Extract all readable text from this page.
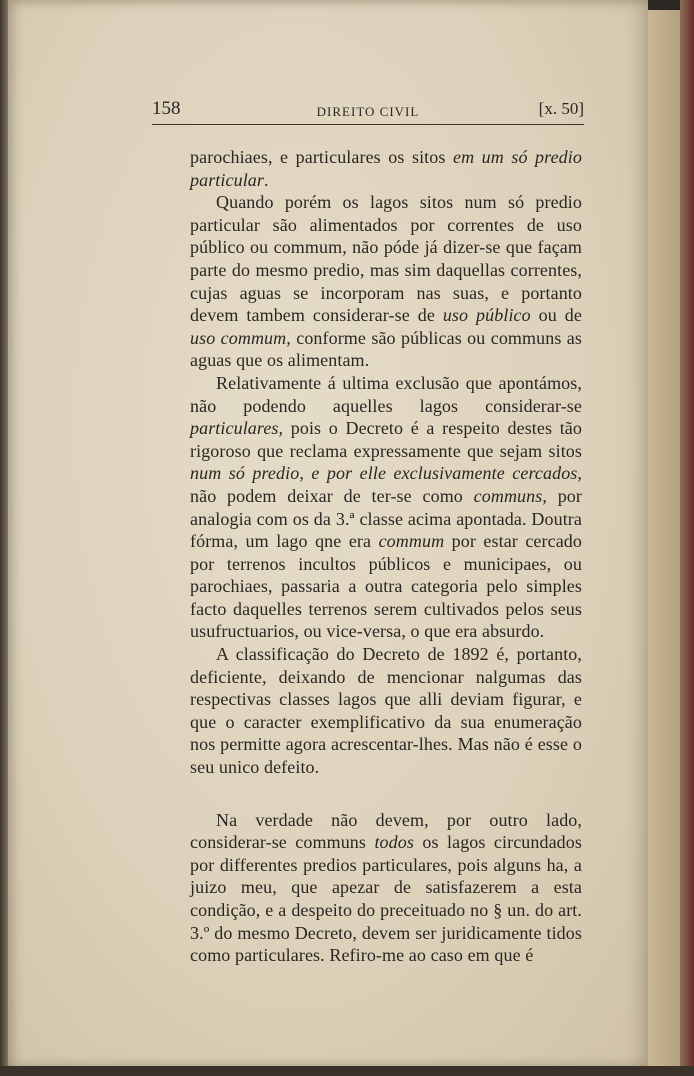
158	DIREITO CIVIL	[x. 50]

parochiaes, e particulares os sitos em um só predio particular.

Quando porém os lagos sitos num só predio particular são alimentados por correntes de uso público ou commum, não póde já dizer-se que façam parte do mesmo predio, mas sim daquellas correntes, cujas aguas se incorporam nas suas, e portanto devem tambem considerar-se de uso público ou de uso commum, conforme são públicas ou communs as aguas que os alimentam.

Relativamente á ultima exclusão que apontámos, não podendo aquelles lagos considerar-se particulares, pois o Decreto é a respeito destes tão rigoroso que reclama expressamente que sejam sitos num só predio, e por elle exclusivamente cercados, não podem deixar de ter-se como communs, por analogia com os da 3.ª classe acima apontada. Doutra fórma, um lago qne era commum por estar cercado por terrenos incultos públicos e municipaes, ou parochiaes, passaria a outra categoria pelo simples facto daquelles terrenos serem cultivados pelos seus usufructuarios, ou vice-versa, o que era absurdo.

A classificação do Decreto de 1892 é, portanto, deficiente, deixando de mencionar nalgumas das respectivas classes lagos que alli deviam figurar, e que o caracter exemplificativo da sua enumeração nos permitte agora acrescentar-lhes. Mas não é esse o seu unico defeito.

Na verdade não devem, por outro lado, considerar-se communs todos os lagos circundados por differentes predios particulares, pois alguns ha, a juizo meu, que apezar de satisfazerem a esta condição, e a despeito do preceituado no § un. do art. 3.º do mesmo Decreto, devem ser juridicamente tidos como particulares. Refiro-me ao caso em que é
